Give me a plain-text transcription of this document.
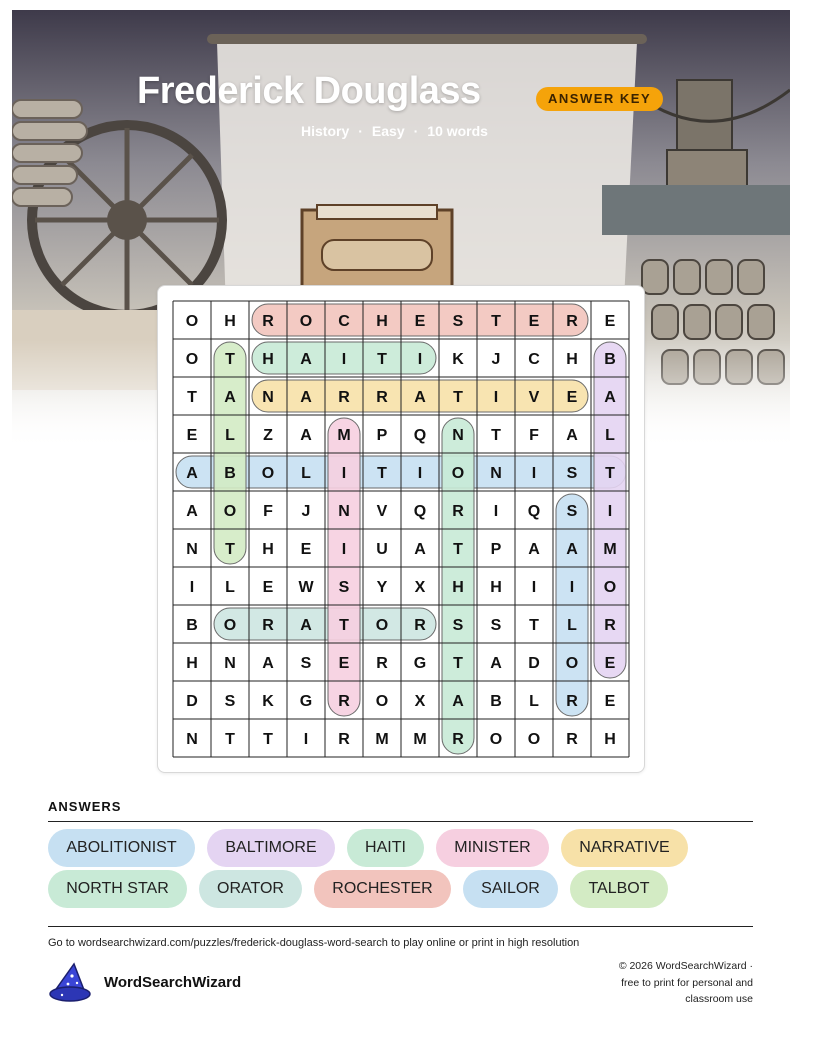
Frederick Douglass	ANSWER KEY
History · Easy · 10 words
O H R O C H E S T E R E
O T H A I T I K J C H B
T A N A R R A T I V E A
E L Z A M P Q N T F A L
A B O L I T I O N I S T
A O F J N V Q R I Q S I
N T H E I U A T P A A M
I L E W S Y X H H I I O
B O R A T O R S S T L R
H N A S E R G T A D O E
D S K G R O X A B L R E
N T T I R M M R O O R H
ANSWERS
ABOLITIONIST	BALTIMORE	HAITI	MINISTER	NARRATIVE
NORTH STAR	ORATOR	ROCHESTER	SAILOR	TALBOT
Go to wordsearchwizard.com/puzzles/frederick-douglass-word-search to play online or print in high resolution
WordSearchWizard
© 2026 WordSearchWizard ·
free to print for personal and
classroom use
